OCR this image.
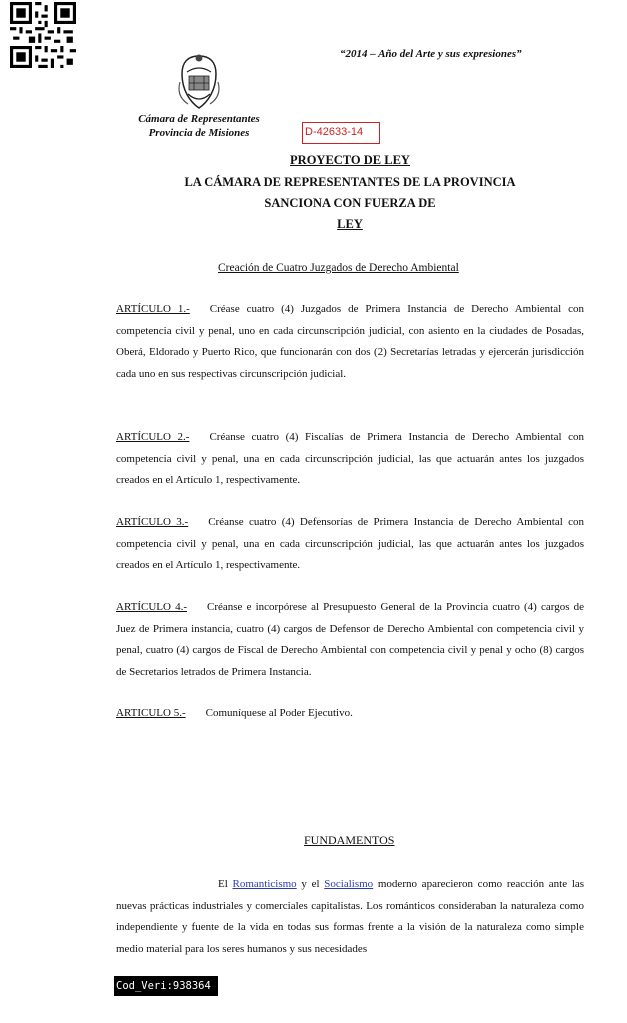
“2014 – Año del Arte y sus expresiones”
Cámara de Representantes
Provincia de Misiones	D-42633-14
PROYECTO DE LEY
LA CÁMARA DE REPRESENTANTES DE LA PROVINCIA
SANCIONA CON FUERZA DE
LEY
Creación de Cuatro Juzgados de Derecho Ambiental
ARTÍCULO 1.- Créase cuatro (4) Juzgados de Primera Instancia de Derecho Ambiental con competencia civil y penal, uno en cada circunscripción judicial, con asiento en la ciudades de Posadas, Oberá, Eldorado y Puerto Rico, que funcionarán con dos (2) Secretarías letradas y ejercerán jurisdicción cada uno en sus respectivas circunscripción judicial.
ARTÍCULO 2.- Créanse cuatro (4) Fiscalías de Primera Instancia de Derecho Ambiental con competencia civil y penal, una en cada circunscripción judicial, las que actuarán antes los juzgados creados en el Artículo 1, respectivamente.
ARTÍCULO 3.- Créanse cuatro (4) Defensorías de Primera Instancia de Derecho Ambiental con competencia civil y penal, una en cada circunscripción judicial, las que actuarán antes los juzgados creados en el Artículo 1, respectivamente.
ARTÍCULO 4.- Créanse e incorpórese al Presupuesto General de la Provincia cuatro (4) cargos de Juez de Primera instancia, cuatro (4) cargos de Defensor de Derecho Ambiental con competencia civil y penal, cuatro (4) cargos de Fiscal de Derecho Ambiental con competencia civil y penal y ocho (8) cargos de Secretarios letrados de Primera Instancia.
ARTICULO 5.- Comuníquese al Poder Ejecutivo.
FUNDAMENTOS
El Romanticismo y el Socialismo moderno aparecieron como reacción ante las nuevas prácticas industriales y comerciales capitalistas. Los románticos consideraban la naturaleza como independiente y fuente de la vida en todas sus formas frente a la visión de la naturaleza como simple medio material para los seres humanos y sus necesidades
Cod_Veri:938364
